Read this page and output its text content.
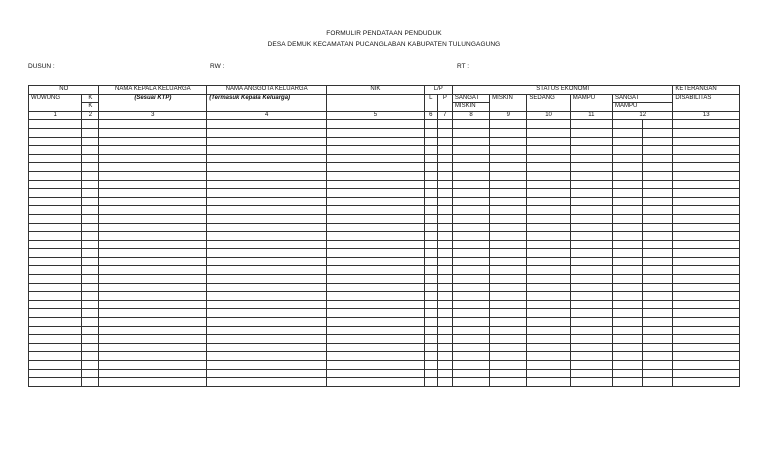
FORMULIR PENDATAAN PENDUDUK
DESA DEMUK KECAMATAN PUCANGLABAN KABUPATEN TULUNGAGUNG
DUSUN :	RW :	RT :
NO		NAMA KEPALA KELUARGA	NAMA ANGGOTA KELUARGA	NIK	L/P		STATUS EKONOMI						KETERANGAN
WUWUNG	K	(Sesuai KTP)	(Termasuk Kepala Keluarga)		L	P	SANGAT	MISKIN	SEDANG	MAMPU	SANGAT		DISABILITAS
	K						MISKIN				MAMPU		
1	2	3	4	5	6	7	8	9	10	11	12		13
